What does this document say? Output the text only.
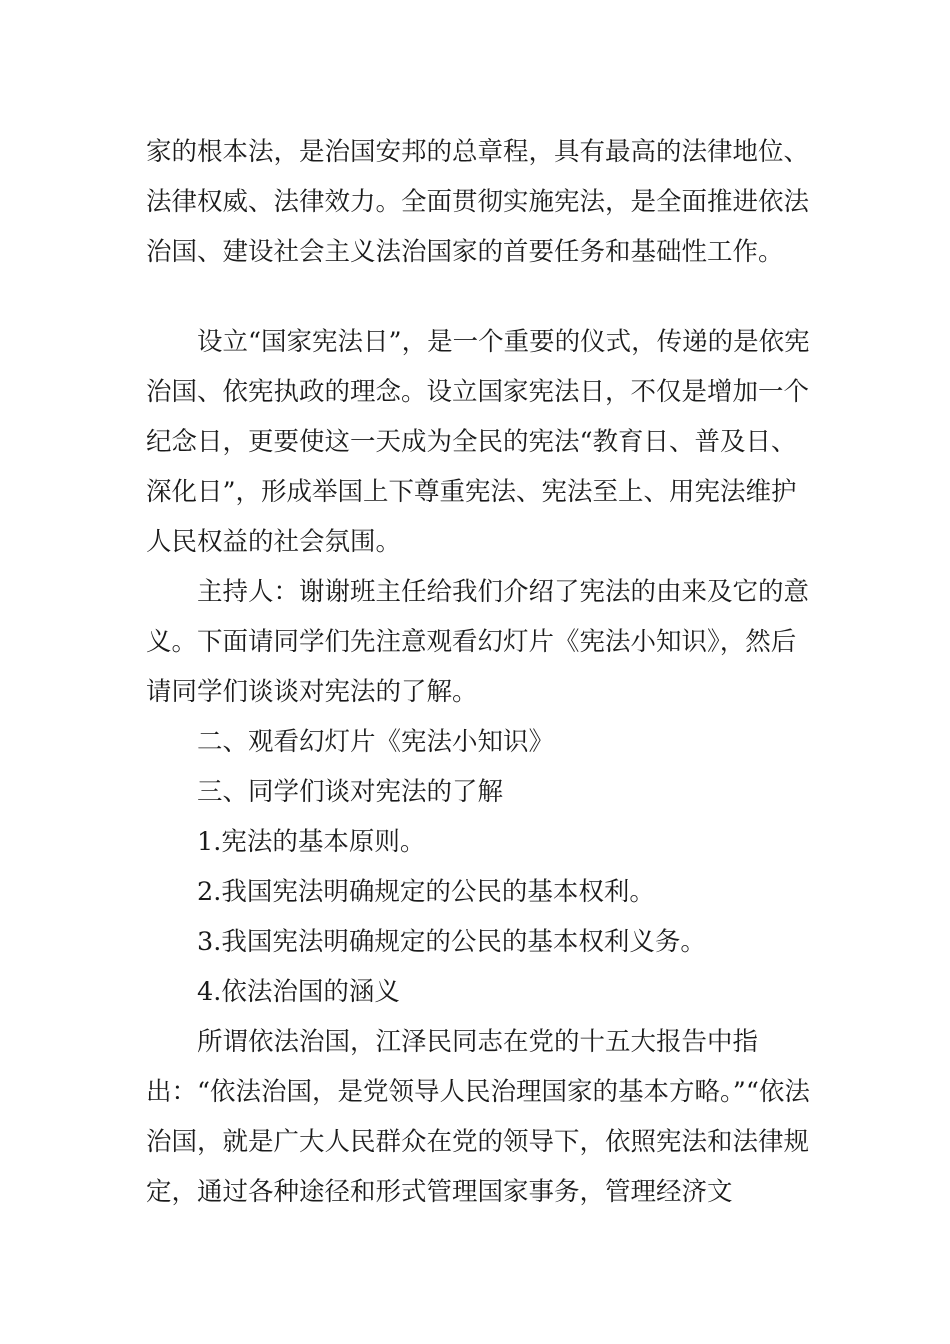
家的根本法，是治国安邦的总章程，具有最高的法律地位、法律权威、法律效力。全面贯彻实施宪法，是全面推进依法治国、建设社会主义法治国家的首要任务和基础性工作。

设立“国家宪法日”，是一个重要的仪式，传递的是依宪治国、依宪执政的理念。设立国家宪法日，不仅是增加一个纪念日，更要使这一天成为全民的宪法“教育日、普及日、深化日”，形成举国上下尊重宪法、宪法至上、用宪法维护人民权益的社会氛围。

主持人：谢谢班主任给我们介绍了宪法的由来及它的意义。下面请同学们先注意观看幻灯片《宪法小知识》，然后请同学们谈谈对宪法的了解。

二、观看幻灯片《宪法小知识》

三、同学们谈对宪法的了解

1.宪法的基本原则。

2.我国宪法明确规定的公民的基本权利。

3.我国宪法明确规定的公民的基本权利义务。

4.依法治国的涵义

所谓依法治国，江泽民同志在党的十五大报告中指出：“依法治国，是党领导人民治理国家的基本方略。”“依法治国，就是广大人民群众在党的领导下，依照宪法和法律规定，通过各种途径和形式管理国家事务，管理经济文
